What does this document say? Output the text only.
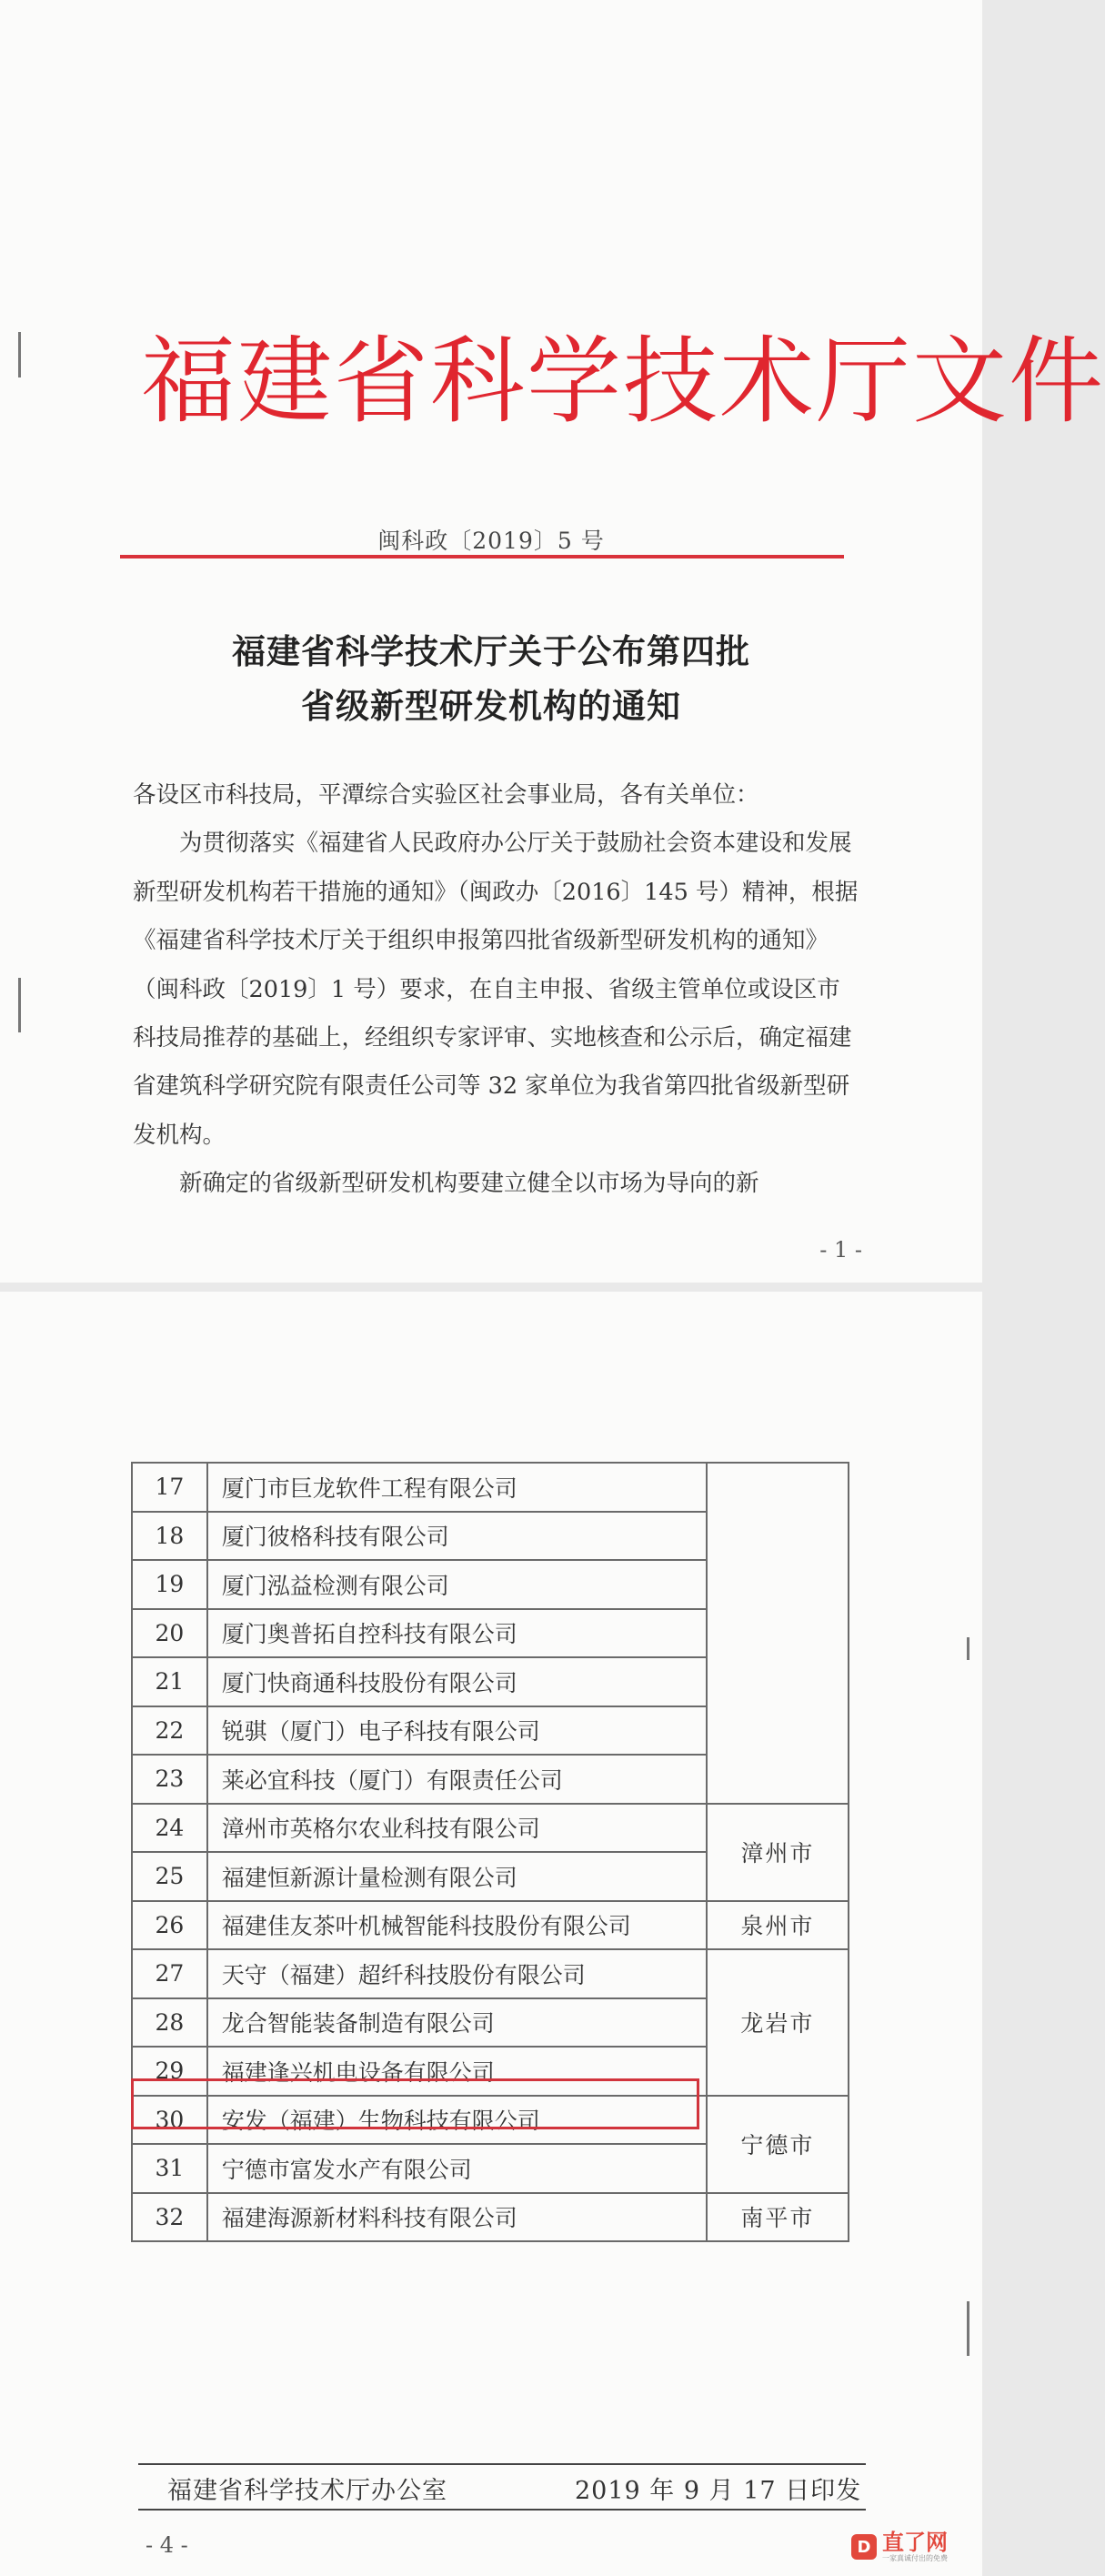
福建省科学技术厅文件
闽科政〔2019〕5 号
福建省科学技术厅关于公布第四批
省级新型研发机构的通知

各设区市科技局，平潭综合实验区社会事业局，各有关单位：

为贯彻落实《福建省人民政府办公厅关于鼓励社会资本建设和发展新型研发机构若干措施的通知》（闽政办〔2016〕145 号）精神，根据《福建省科学技术厅关于组织申报第四批省级新型研发机构的通知》（闽科政〔2019〕1 号）要求，在自主申报、省级主管单位或设区市科技局推荐的基础上，经组织专家评审、实地核查和公示后，确定福建省建筑科学研究院有限责任公司等 32 家单位为我省第四批省级新型研发机构。

新确定的省级新型研发机构要建立健全以市场为导向的新

- 1 -
17	厦门市巨龙软件工程有限公司	
18	厦门彼格科技有限公司	
19	厦门泓益检测有限公司	
20	厦门奥普拓自控科技有限公司	
21	厦门快商通科技股份有限公司	
22	锐骐（厦门）电子科技有限公司	
23	莱必宜科技（厦门）有限责任公司	
24	漳州市英格尔农业科技有限公司	漳州市
25	福建恒新源计量检测有限公司	
26	福建佳友茶叶机械智能科技股份有限公司	泉州市
27	天守（福建）超纤科技股份有限公司	龙岩市
28	龙合智能装备制造有限公司	
29	福建逢兴机电设备有限公司	
30	安发（福建）生物科技有限公司	宁德市
31	宁德市富发水产有限公司	
32	福建海源新材料科技有限公司	南平市
福建省科学技术厅办公室	2019 年 9 月 17 日印发
- 4 -	D 直了网
一家真诚付出的免费
